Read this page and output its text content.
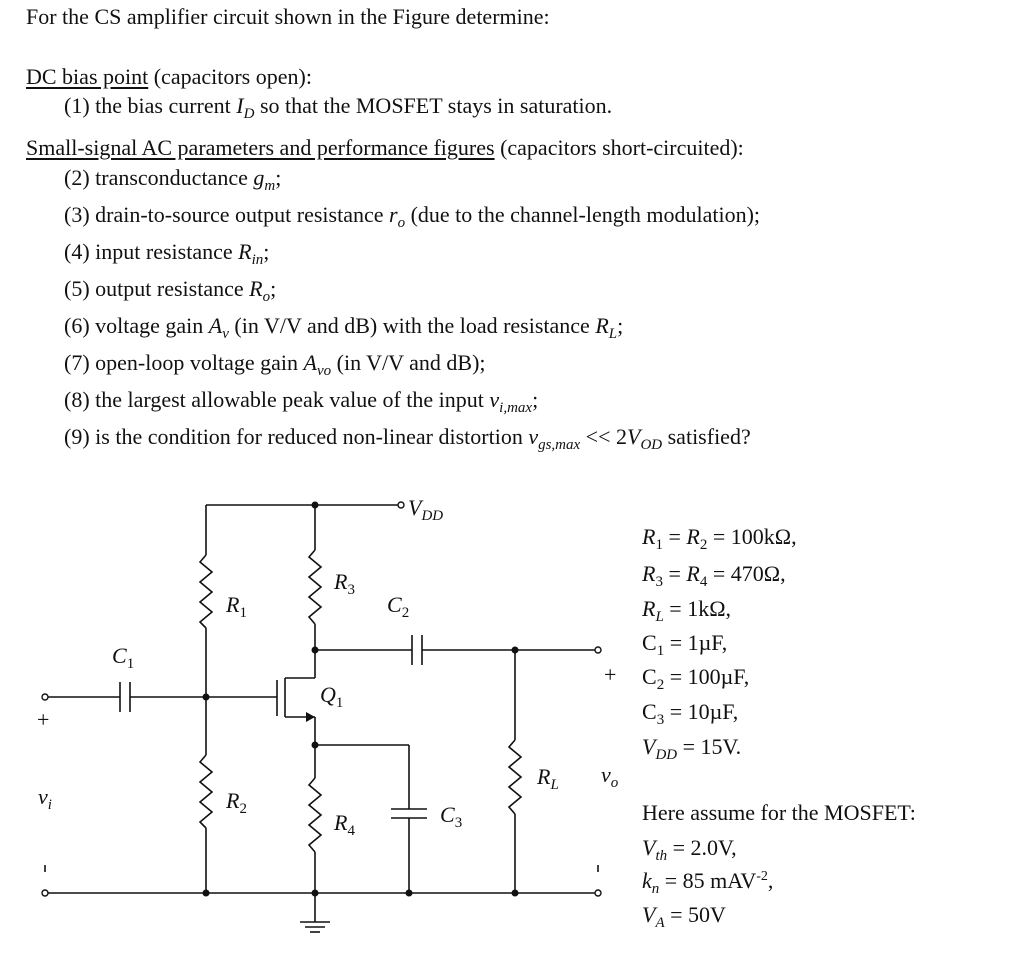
For the CS amplifier circuit shown in the Figure determine:
DC bias point (capacitors open):
(1) the bias current $I_D$ so that the MOSFET stays in saturation.
Small-signal AC parameters and performance figures (capacitors short-circuited):
(2) transconductance $g_m$;
(3) drain-to-source output resistance $r_o$ (due to the channel-length modulation);
(4) input resistance $R_{in}$;
(5) output resistance $R_o$;
(6) voltage gain $A_v$ (in V/V and dB) with the load resistance $R_L$;
(7) open-loop voltage gain $A_{vo}$ (in V/V and dB);
(8) the largest allowable peak value of the input $v_{i,max}$;
(9) is the condition for reduced non-linear distortion $v_{gs,max} << 2V_{OD}$ satisfied?
$V_{DD}$
$R_1$
$R_2$
$R_3$
$R_4$
$R_L$
$C_1$
$C_2$
$C_3$
$Q_1$
$v_i$
$v_o$
+
+
$R_1 = R_2 = 100k\Omega$,
$R_3 = R_4 = 470\Omega$,
$R_L = 1k\Omega$,
$C_1 = 1\mu F$,
$C_2 = 100\mu F$,
$C_3 = 10\mu F$,
$V_{DD} = 15V$.
Here assume for the MOSFET:
$V_{th} = 2.0V$,
$k_n = 85$ mAV$^{-2}$,
$V_A = 50V$
